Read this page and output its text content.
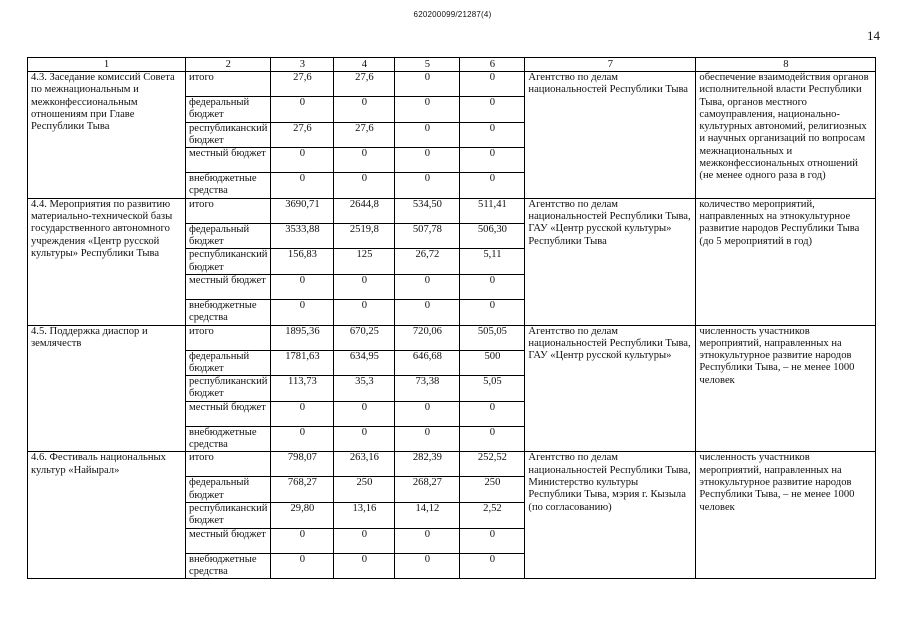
620200099/21287(4)
14
1	2	3	4	5	6	7	8
4.3. Заседание комиссий Совета по межнациональным и межконфессиональным отношениям при Главе Республики Тыва	итого	27,6	27,6	0	0	Агентство по делам национальностей Республики Тыва	обеспечение взаимодействия органов исполнительной власти Республики Тыва, органов местного самоуправления, национально-культурных автономий, религиозных и научных организаций по вопросам межнациональных и межконфессиональных отношений (не менее одного раза в год)
	федеральный бюджет	0	0	0	0		
	республиканский бюджет	27,6	27,6	0	0		
	местный бюджет	0	0	0	0		
	внебюджетные средства	0	0	0	0		
4.4. Мероприятия по развитию материально-технической базы государственного автономного учреждения «Центр русской культуры» Республики Тыва	итого	3690,71	2644,8	534,50	511,41	Агентство по делам национальностей Республики Тыва, ГАУ «Центр русской культуры» Республики Тыва	количество мероприятий, направленных на этнокультурное развитие народов Республики Тыва (до 5 мероприятий в год)
	федеральный бюджет	3533,88	2519,8	507,78	506,30		
	республиканский бюджет	156,83	125	26,72	5,11		
	местный бюджет	0	0	0	0		
	внебюджетные средства	0	0	0	0		
4.5. Поддержка диаспор и землячеств	итого	1895,36	670,25	720,06	505,05	Агентство по делам национальностей Республики Тыва, ГАУ «Центр русской культуры»	численность участников мероприятий, направленных на этнокультурное развитие народов Республики Тыва, – не менее 1000 человек
	федеральный бюджет	1781,63	634,95	646,68	500		
	республиканский бюджет	113,73	35,3	73,38	5,05		
	местный бюджет	0	0	0	0		
	внебюджетные средства	0	0	0	0		
4.6. Фестиваль национальных культур «Найырал»	итого	798,07	263,16	282,39	252,52	Агентство по делам национальностей Республики Тыва, Министерство культуры Республики Тыва, мэрия г. Кызыла (по согласованию)	численность участников мероприятий, направленных на этнокультурное развитие народов Республики Тыва, – не менее 1000 человек
	федеральный бюджет	768,27	250	268,27	250		
	республиканский бюджет	29,80	13,16	14,12	2,52		
	местный бюджет	0	0	0	0		
	внебюджетные средства	0	0	0	0		
